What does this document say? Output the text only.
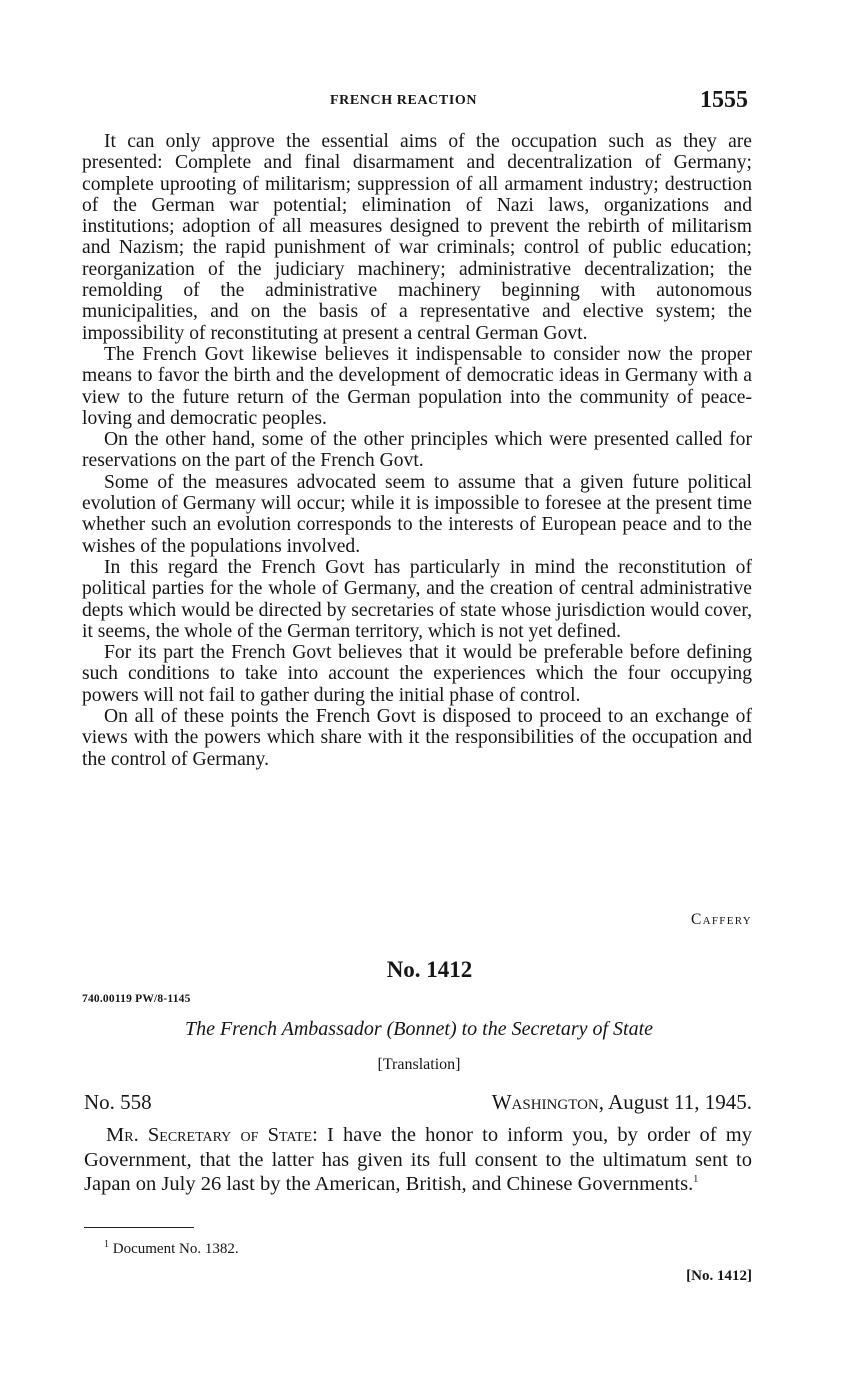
FRENCH REACTION	1555

It can only approve the essential aims of the occupation such as they are presented: Complete and final disarmament and decentralization of Germany; complete uprooting of militarism; suppression of all armament industry; destruction of the German war potential; elimination of Nazi laws, organizations and institutions; adoption of all measures designed to prevent the rebirth of militarism and Nazism; the rapid punishment of war criminals; control of public education; reorganization of the judiciary machinery; administrative decentralization; the remolding of the administrative machinery beginning with autonomous municipalities, and on the basis of a representative and elective system; the impossibility of reconstituting at present a central German Govt.

The French Govt likewise believes it indispensable to consider now the proper means to favor the birth and the development of democratic ideas in Germany with a view to the future return of the German population into the community of peace-loving and democratic peoples.

On the other hand, some of the other principles which were presented called for reservations on the part of the French Govt.

Some of the measures advocated seem to assume that a given future political evolution of Germany will occur; while it is impossible to foresee at the present time whether such an evolution corresponds to the interests of European peace and to the wishes of the populations involved.

In this regard the French Govt has particularly in mind the reconstitution of political parties for the whole of Germany, and the creation of central administrative depts which would be directed by secretaries of state whose jurisdiction would cover, it seems, the whole of the German territory, which is not yet defined.

For its part the French Govt believes that it would be preferable before defining such conditions to take into account the experiences which the four occupying powers will not fail to gather during the initial phase of control.

On all of these points the French Govt is disposed to proceed to an exchange of views with the powers which share with it the responsibilities of the occupation and the control of Germany.

Caffery
No. 1412
740.00119 PW/8-1145
The French Ambassador (Bonnet) to the Secretary of State
[Translation]
No. 558	Washington, August 11, 1945.

Mr. Secretary of State: I have the honor to inform you, by order of my Government, that the latter has given its full consent to the ultimatum sent to Japan on July 26 last by the American, British, and Chinese Governments.$^1$

$^1$ Document No. 1382.
[No. 1412]
